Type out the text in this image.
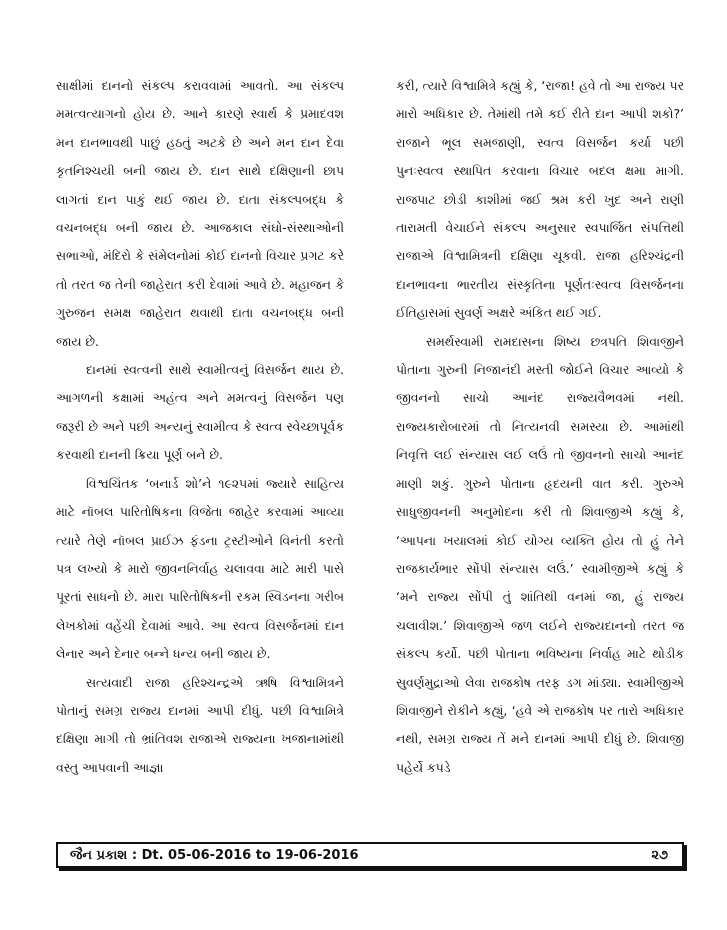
સાક્ષીમાં દાનનો સંકલ્પ કરાવવામાં આવતો. આ સંકલ્પ મમત્વત્યાગનો હોય છે. આને કારણે સ્વાર્થ કે પ્રમાદવશ મન દાનભાવથી પાછું હઠતું અટકે છે અને મન દાન દેવા કૃતનિશ્ચયી બની જાય છે. દાન સાથે દક્ષિણાની છાપ લાગતાં દાન પાકું થઈ જાય છે. દાતા સંકલ્પબદ્ધ કે વચનબદ્ધ બની જાય છે. આજકાલ સંઘો-સંસ્થાઓની સભાઓ, મંદિરો કે સંમેલનોમાં કોઈ દાનનો વિચાર પ્રગટ કરે તો તરત જ તેની જાહેરાત કરી દેવામાં આવે છે. મહાજન કે ગુરુજન સમક્ષ જાહેરાત થવાથી દાતા વચનબદ્ધ બની જાય છે.

દાનમાં સ્વત્વની સાથે સ્વામીત્વનું વિસર્જન થાય છે. આગળની કક્ષામાં અહંત્વ અને મમત્વનું વિસર્જન પણ જરૂરી છે અને પછી અન્યનું સ્વામીત્વ કે સ્વત્વ સ્વેચ્છાપૂર્વક કરવાથી દાનની ક્રિયા પૂર્ણ બને છે.

વિશ્વચિંતક ‘બનાર્ડ શો’ને ૧૯૨૫માં જ્યારે સાહિત્ય માટે નૉબલ પારિતોષિકના વિજેતા જાહેર કરવામાં આવ્યા ત્યારે તેણે નૉબલ પ્રાઈઝ ફંડના ટ્રસ્ટીઓને વિનંતી કરતો પત્ર લખ્યો કે મારો જીવનનિર્વાહ ચલાવવા માટે મારી પાસે પૂરતાં સાધનો છે. મારા પારિતોષિકની રકમ સ્વિડનના ગરીબ લેખકોમાં વહેંચી દેવામાં આવે. આ સ્વત્વ વિસર્જનમાં દાન લેનાર અને દેનાર બન્ને ધન્ય બની જાય છે.

સત્યવાદી રાજા હરિશ્ચન્દ્રએ ઋષિ વિશ્વામિત્રને પોતાનું સમગ્ર રાજ્ય દાનમાં આપી દીધું. પછી વિશ્વામિત્રે દક્ષિણા માગી તો ભ્રાંતિવશ રાજાએ રાજ્યના ખજાનામાંથી વસ્તુ આપવાની આજ્ઞા

કરી, ત્યારે વિશ્વામિત્રે કહ્યું કે, ‘રાજા! હવે તો આ રાજ્ય પર મારો અધિકાર છે. તેમાંથી તમે કઈ રીતે દાન આપી શકો?’ રાજાને ભૂલ સમજાણી, સ્વત્વ વિસર્જન કર્યા પછી પુનઃસ્વત્વ સ્થાપિત કરવાના વિચાર બદલ ક્ષમા માગી. રાજપાટ છોડી કાશીમાં જઈ શ્રમ કરી ખુદ અને રાણી તારામતી વેચાઈને સંકલ્પ અનુસાર સ્વપાર્જિત સંપત્તિથી રાજાએ વિશ્વામિત્રની દક્ષિણા ચૂકવી. રાજા હરિશ્ચંદ્રની દાનભાવના ભારતીય સંસ્કૃતિના પૂર્ણતઃસ્વત્વ વિસર્જનના ઈતિહાસમાં સુવર્ણ અક્ષરે અંકિત થઈ ગઈ.

સમર્થસ્વામી રામદાસના શિષ્ય છત્રપતિ શિવાજીને પોતાના ગુરુની નિજાનંદી મસ્તી જોઈને વિચાર આવ્યો કે જીવનનો સાચો આનંદ રાજ્યવૈભવમાં નથી. રાજ્યકારોબારમાં તો નિત્યનવી સમસ્યા છે. આમાંથી નિવૃત્તિ લઈ સંન્યાસ લઈ લઉં તો જીવનનો સાચો આનંદ માણી શકું. ગુરુને પોતાના હૃદયની વાત કરી. ગુરુએ સાધુજીવનની અનુમોદના કરી તો શિવાજીએ કહ્યું કે, ‘આપના ખયાલમાં કોઈ યોગ્ય વ્યક્તિ હોય તો હું તેને રાજકાર્યભાર સોંપી સંન્યાસ લઉં.’ સ્વામીજીએ કહ્યું કે ‘મને રાજ્ય સોંપી તું શાંતિથી વનમાં જા, હું રાજ્ય ચલાવીશ.’ શિવાજીએ જળ લઈને રાજ્યદાનનો તરત જ સંકલ્પ કર્યો. પછી પોતાના ભવિષ્યના નિર્વાહ માટે થોડીક સુવર્ણમુદ્રાઓ લેવા રાજકોષ તરફ ડગ માંડ્યા. સ્વામીજીએ શિવાજીને રોકીને કહ્યું, ‘હવે એ રાજકોષ પર તારો અધિકાર નથી, સમગ્ર રાજ્ય તેં મને દાનમાં આપી દીધું છે. શિવાજી પહેર્યે કપડે

જૈન પ્રકાશ : Dt. 05-06-2016 to 19-06-2016	૨૭
